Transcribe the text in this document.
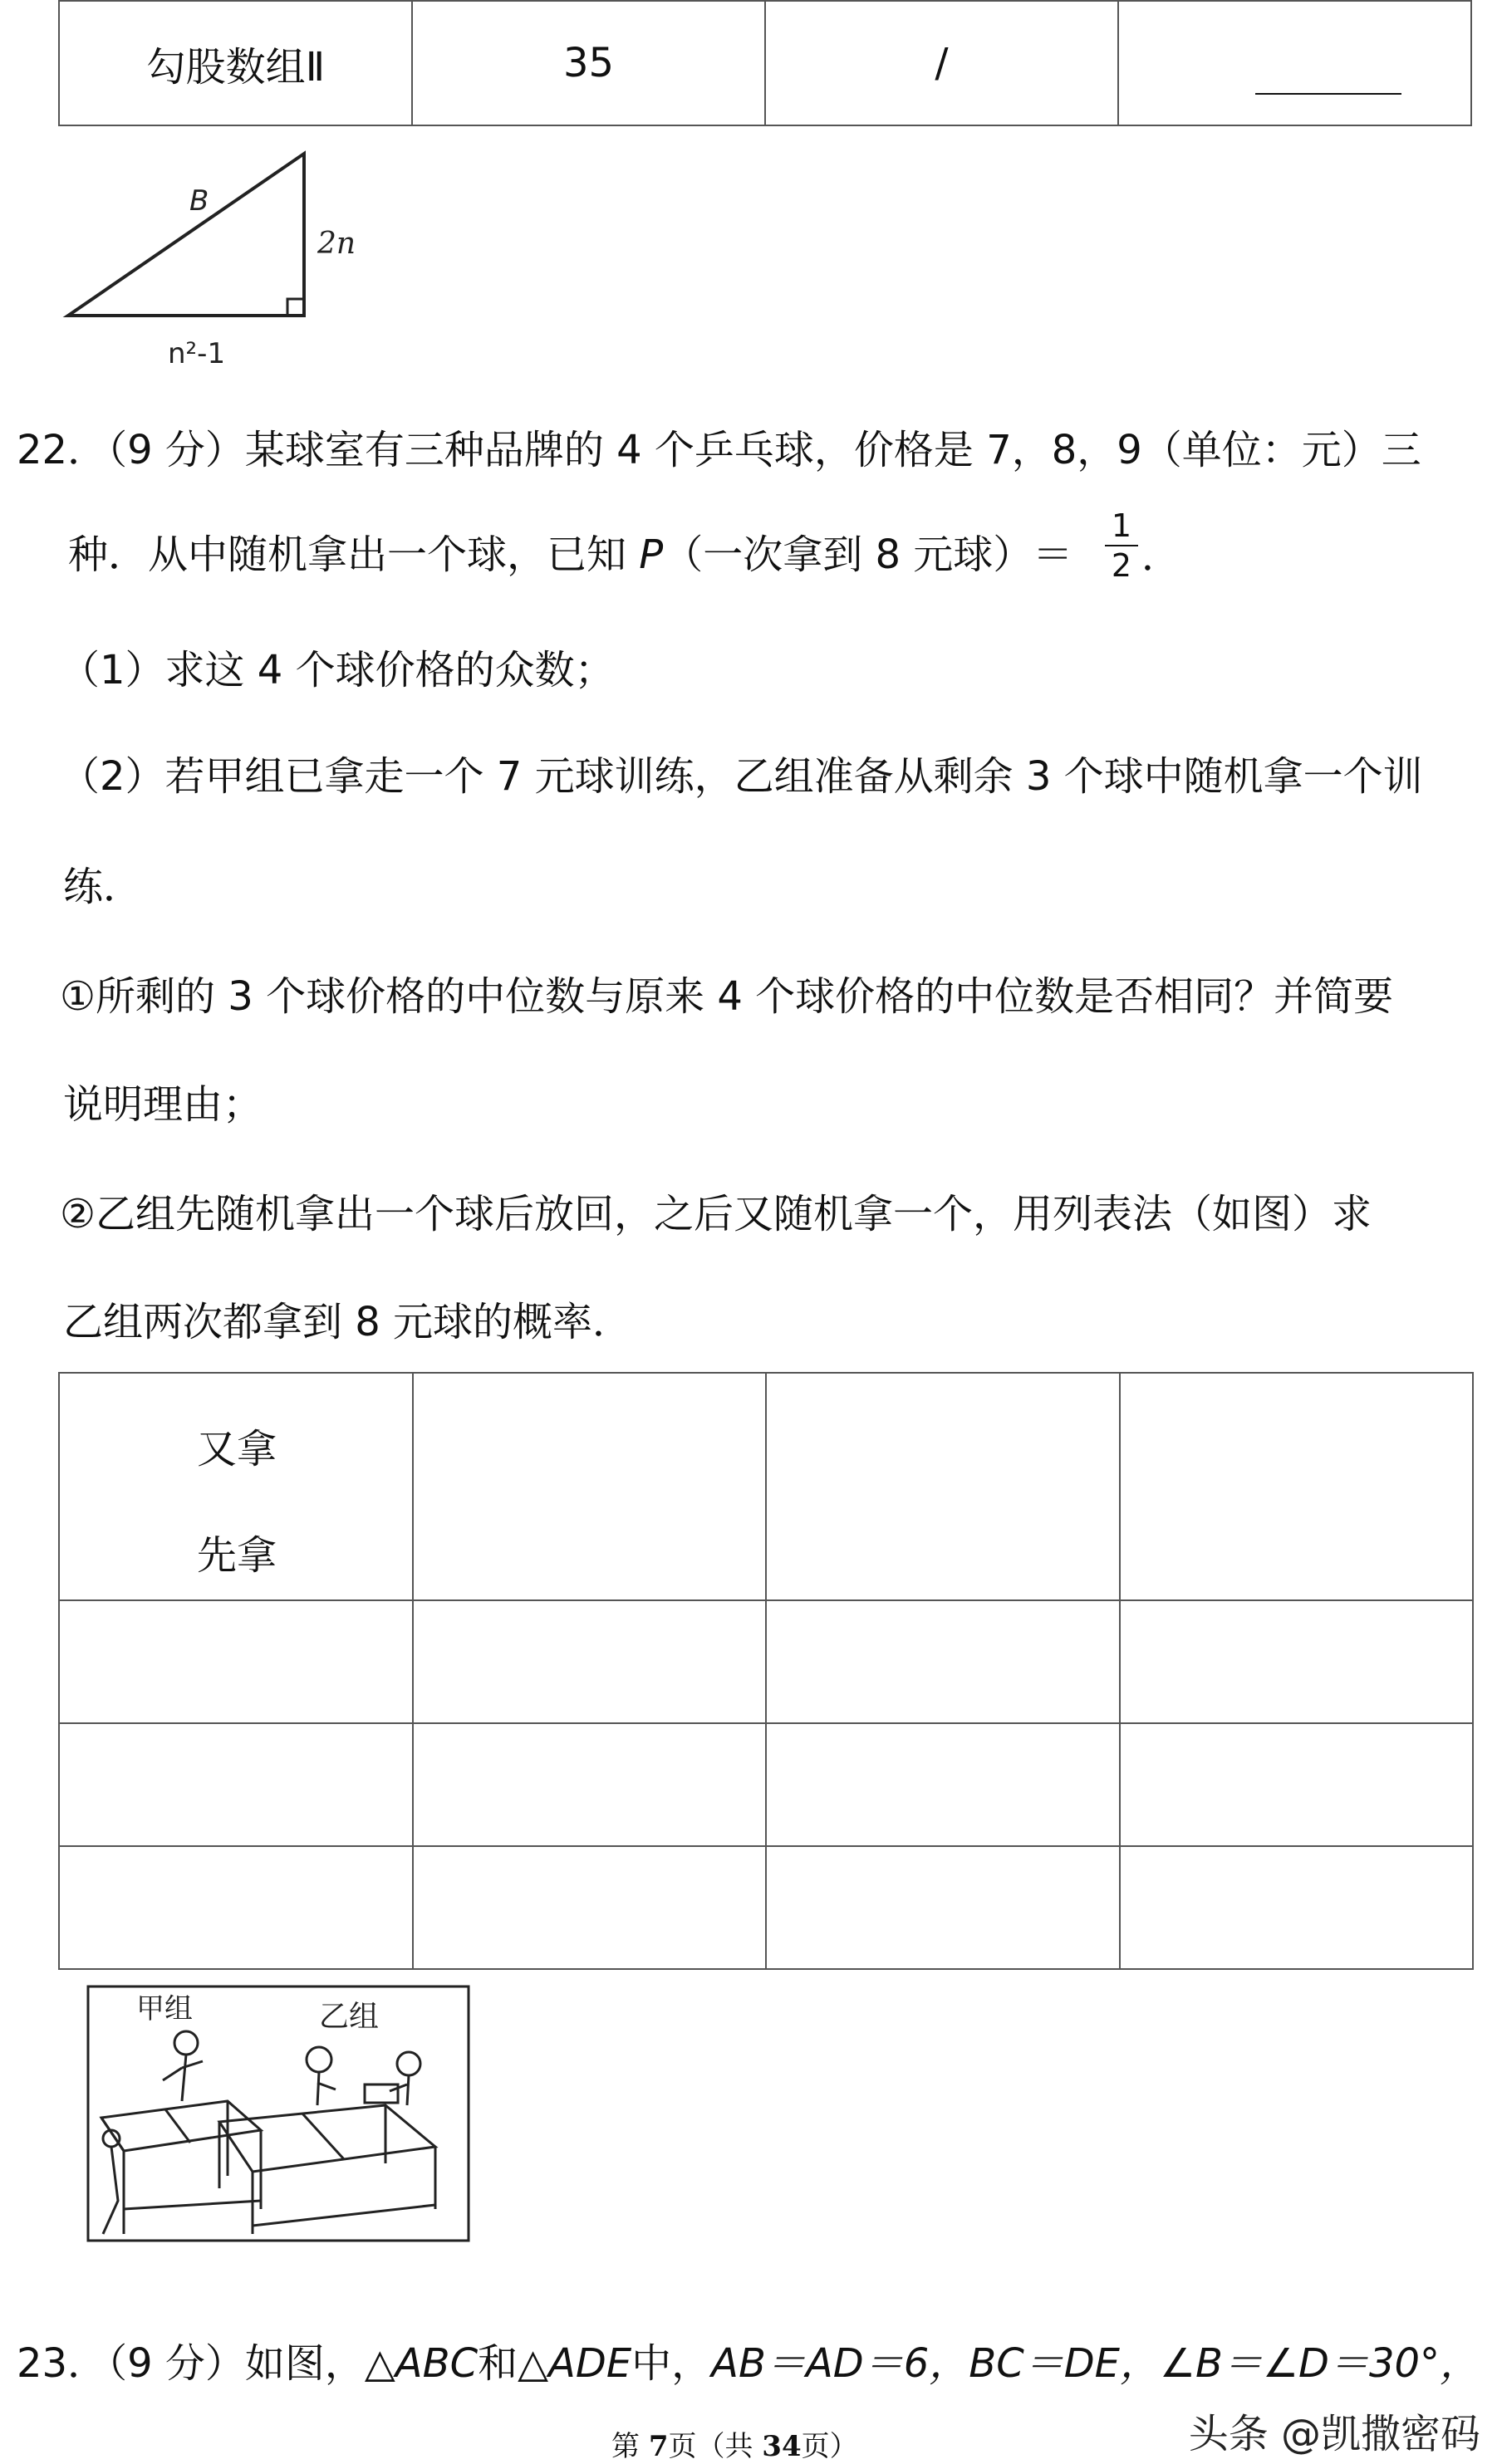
勾股数组Ⅱ	35	/	
B
2n
n²-1
22．（9 分）某球室有三种品牌的 4 个乒乓球，价格是 7，8，9（单位：元）三
种．从中随机拿出一个球，已知 P（一次拿到 8 元球）＝
1
2 ．
（1）求这 4 个球价格的众数；
（2）若甲组已拿走一个 7 元球训练，乙组准备从剩余 3 个球中随机拿一个训
练．
①所剩的 3 个球价格的中位数与原来 4 个球价格的中位数是否相同？并简要
说明理由；
②乙组先随机拿出一个球后放回，之后又随机拿一个，用列表法（如图）求
乙组两次都拿到 8 元球的概率．
又拿
先拿			

甲组	乙组
23．（9 分）如图，△ABC和△ADE中，AB＝AD＝6，BC＝DE，∠B＝∠D＝30°，
第 7页（共 34页）	头条 @凯撒密码
